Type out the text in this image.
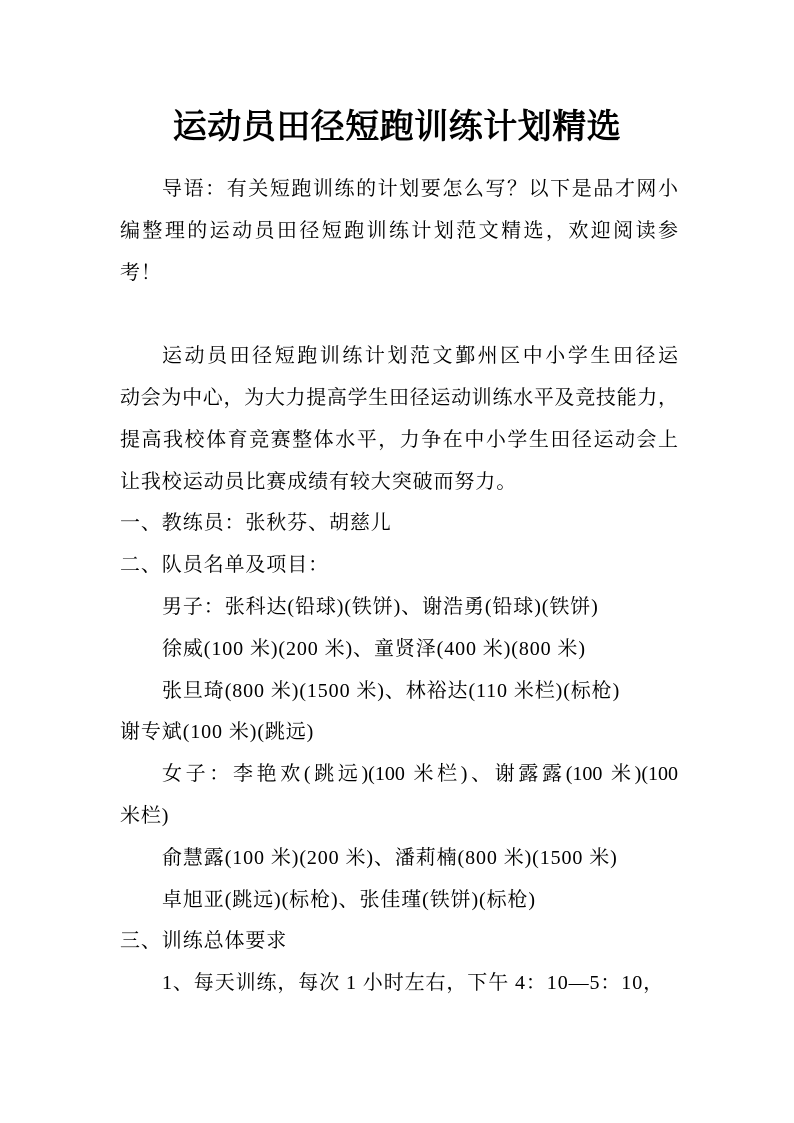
运动员田径短跑训练计划精选
导语：有关短跑训练的计划要怎么写？以下是品才网小
编整理的运动员田径短跑训练计划范文精选，欢迎阅读参
考！
运动员田径短跑训练计划范文鄞州区中小学生田径运
动会为中心，为大力提高学生田径运动训练水平及竞技能力，
提高我校体育竞赛整体水平，力争在中小学生田径运动会上
让我校运动员比赛成绩有较大突破而努力。
一、教练员：张秋芬、胡慈儿
二、队员名单及项目：
男子：张科达(铅球)(铁饼)、谢浩勇(铅球)(铁饼)
徐威(100 米)(200 米)、童贤泽(400 米)(800 米)
张旦琦(800 米)(1500 米)、林裕达(110 米栏)(标枪)
谢专斌(100 米)(跳远)
女子：李艳欢(跳远)(100 米栏)、谢露露(100 米)(100
米栏)
俞慧露(100 米)(200 米)、潘莉楠(800 米)(1500 米)
卓旭亚(跳远)(标枪)、张佳瑾(铁饼)(标枪)
三、训练总体要求
1、每天训练，每次 1 小时左右，下午 4：10—5：10，
